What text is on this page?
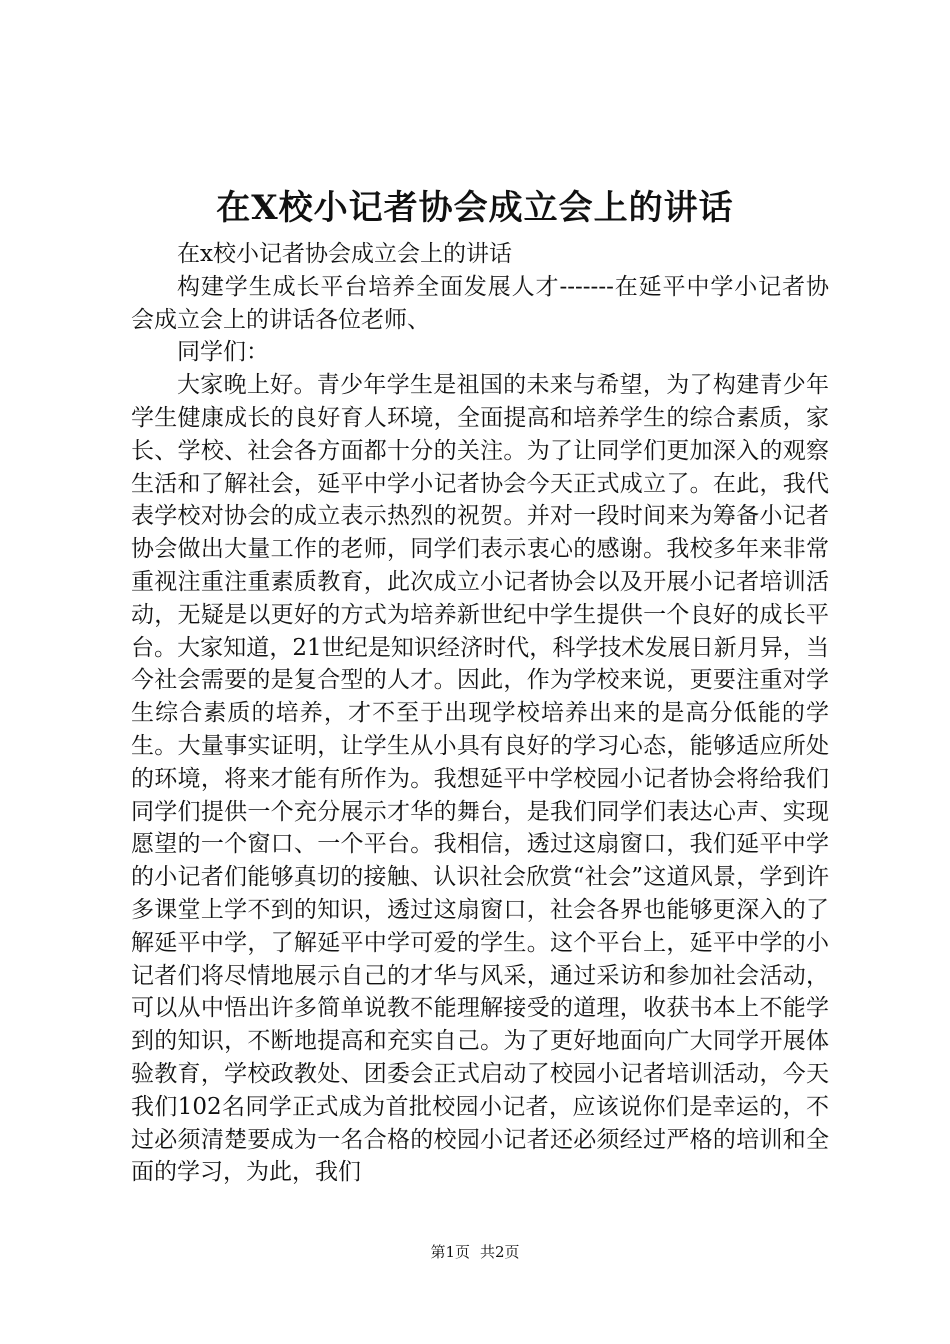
在X校小记者协会成立会上的讲话

在x校小记者协会成立会上的讲话

构建学生成长平台培养全面发展人才-------在延平中学小记者协会成立会上的讲话各位老师、

同学们：

大家晚上好。青少年学生是祖国的未来与希望，为了构建青少年学生健康成长的良好育人环境，全面提高和培养学生的综合素质，家长、学校、社会各方面都十分的关注。为了让同学们更加深入的观察生活和了解社会，延平中学小记者协会今天正式成立了。在此，我代表学校对协会的成立表示热烈的祝贺。并对一段时间来为筹备小记者协会做出大量工作的老师，同学们表示衷心的感谢。我校多年来非常重视注重注重素质教育，此次成立小记者协会以及开展小记者培训活动，无疑是以更好的方式为培养新世纪中学生提供一个良好的成长平台。大家知道，21世纪是知识经济时代，科学技术发展日新月异，当今社会需要的是复合型的人才。因此，作为学校来说，更要注重对学生综合素质的培养，才不至于出现学校培养出来的是高分低能的学生。大量事实证明，让学生从小具有良好的学习心态，能够适应所处的环境，将来才能有所作为。我想延平中学校园小记者协会将给我们同学们提供一个充分展示才华的舞台，是我们同学们表达心声、实现愿望的一个窗口、一个平台。我相信，透过这扇窗口，我们延平中学的小记者们能够真切的接触、认识社会欣赏“社会”这道风景，学到许多课堂上学不到的知识，透过这扇窗口，社会各界也能够更深入的了解延平中学，了解延平中学可爱的学生。这个平台上，延平中学的小记者们将尽情地展示自己的才华与风采，通过采访和参加社会活动，可以从中悟出许多简单说教不能理解接受的道理，收获书本上不能学到的知识，不断地提高和充实自己。为了更好地面向广大同学开展体验教育，学校政教处、团委会正式启动了校园小记者培训活动，今天我们102名同学正式成为首批校园小记者，应该说你们是幸运的，不过必须清楚要成为一名合格的校园小记者还必须经过严格的培训和全面的学习，为此，我们

第1页 共2页
